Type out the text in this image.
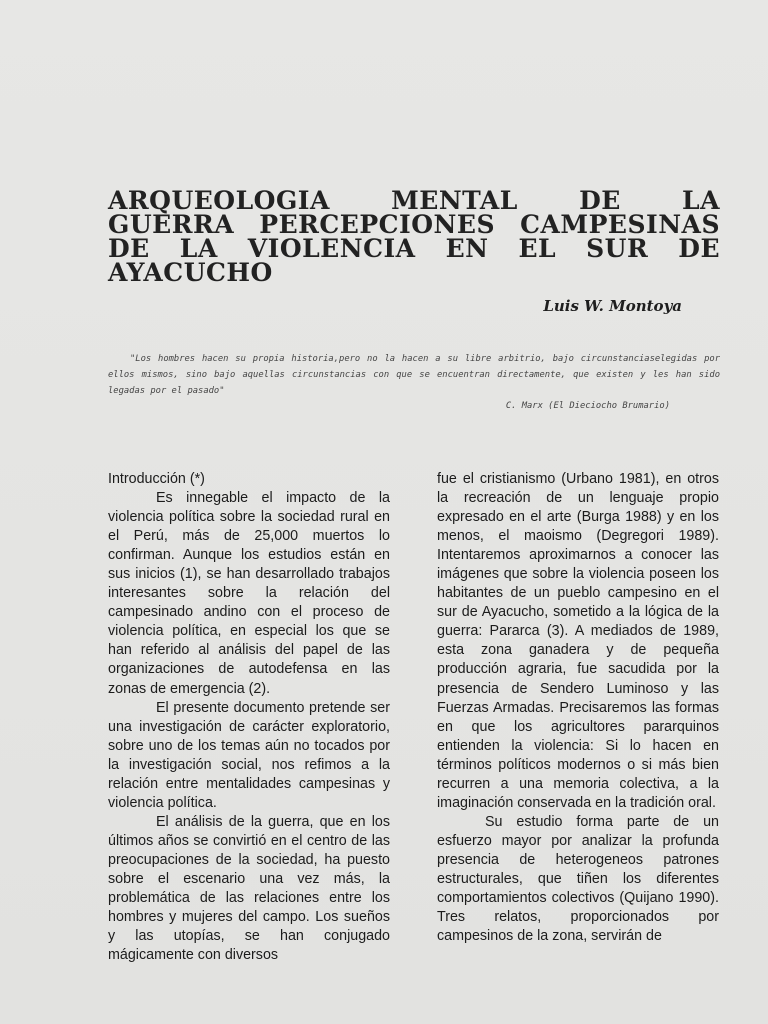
ARQUEOLOGIA MENTAL DE LA
GUERRA PERCEPCIONES CAMPESINAS
DE LA VIOLENCIA EN EL SUR DE
AYACUCHO
Luis W. Montoya
"Los hombres hacen su propia historia,pero no la hacen a su libre arbitrio, bajo circunstanciaselegidas por ellos mismos, sino bajo aquellas circunstancias con que se encuentran directamente, que existen y les han sido legadas por el pasado"
C. Marx (El Dieciocho Brumario)

Introducción (*)

Es innegable el impacto de la violencia política sobre la sociedad rural en el Perú, más de 25,000 muertos lo confirman. Aunque los estudios están en sus inicios (1), se han desarrollado trabajos interesantes sobre la relación del campesinado andino con el proceso de violencia política, en especial los que se han referido al análisis del papel de las organizaciones de autodefensa en las zonas de emergencia (2).

El presente documento pretende ser una investigación de carácter exploratorio, sobre uno de los temas aún no tocados por la investigación social, nos refimos a la relación entre mentalidades campesinas y violencia política.

El análisis de la guerra, que en los últimos años se convirtió en el centro de las preocupaciones de la sociedad, ha puesto sobre el escenario una vez más, la problemática de las relaciones entre los hombres y mujeres del campo. Los sueños y las utopías, se han conjugado mágicamente con diversos

fue el cristianismo (Urbano 1981), en otros la recreación de un lenguaje propio expresado en el arte (Burga 1988) y en los menos, el maoismo (Degregori 1989). Intentaremos aproximarnos a conocer las imágenes que sobre la violencia poseen los habitantes de un pueblo campesino en el sur de Ayacucho, sometido a la lógica de la guerra: Pararca (3). A mediados de 1989, esta zona ganadera y de pequeña producción agraria, fue sacudida por la presencia de Sendero Luminoso y las Fuerzas Armadas. Precisaremos las formas en que los agricultores pararquinos entienden la violencia: Si lo hacen en términos políticos modernos o si más bien recurren a una memoria colectiva, a la imaginación conservada en la tradición oral.

Su estudio forma parte de un esfuerzo mayor por analizar la profunda presencia de heterogeneos patrones estructurales, que tiñen los diferentes comportamientos colectivos (Quijano 1990). Tres relatos, proporcionados por campesinos de la zona, servirán de
